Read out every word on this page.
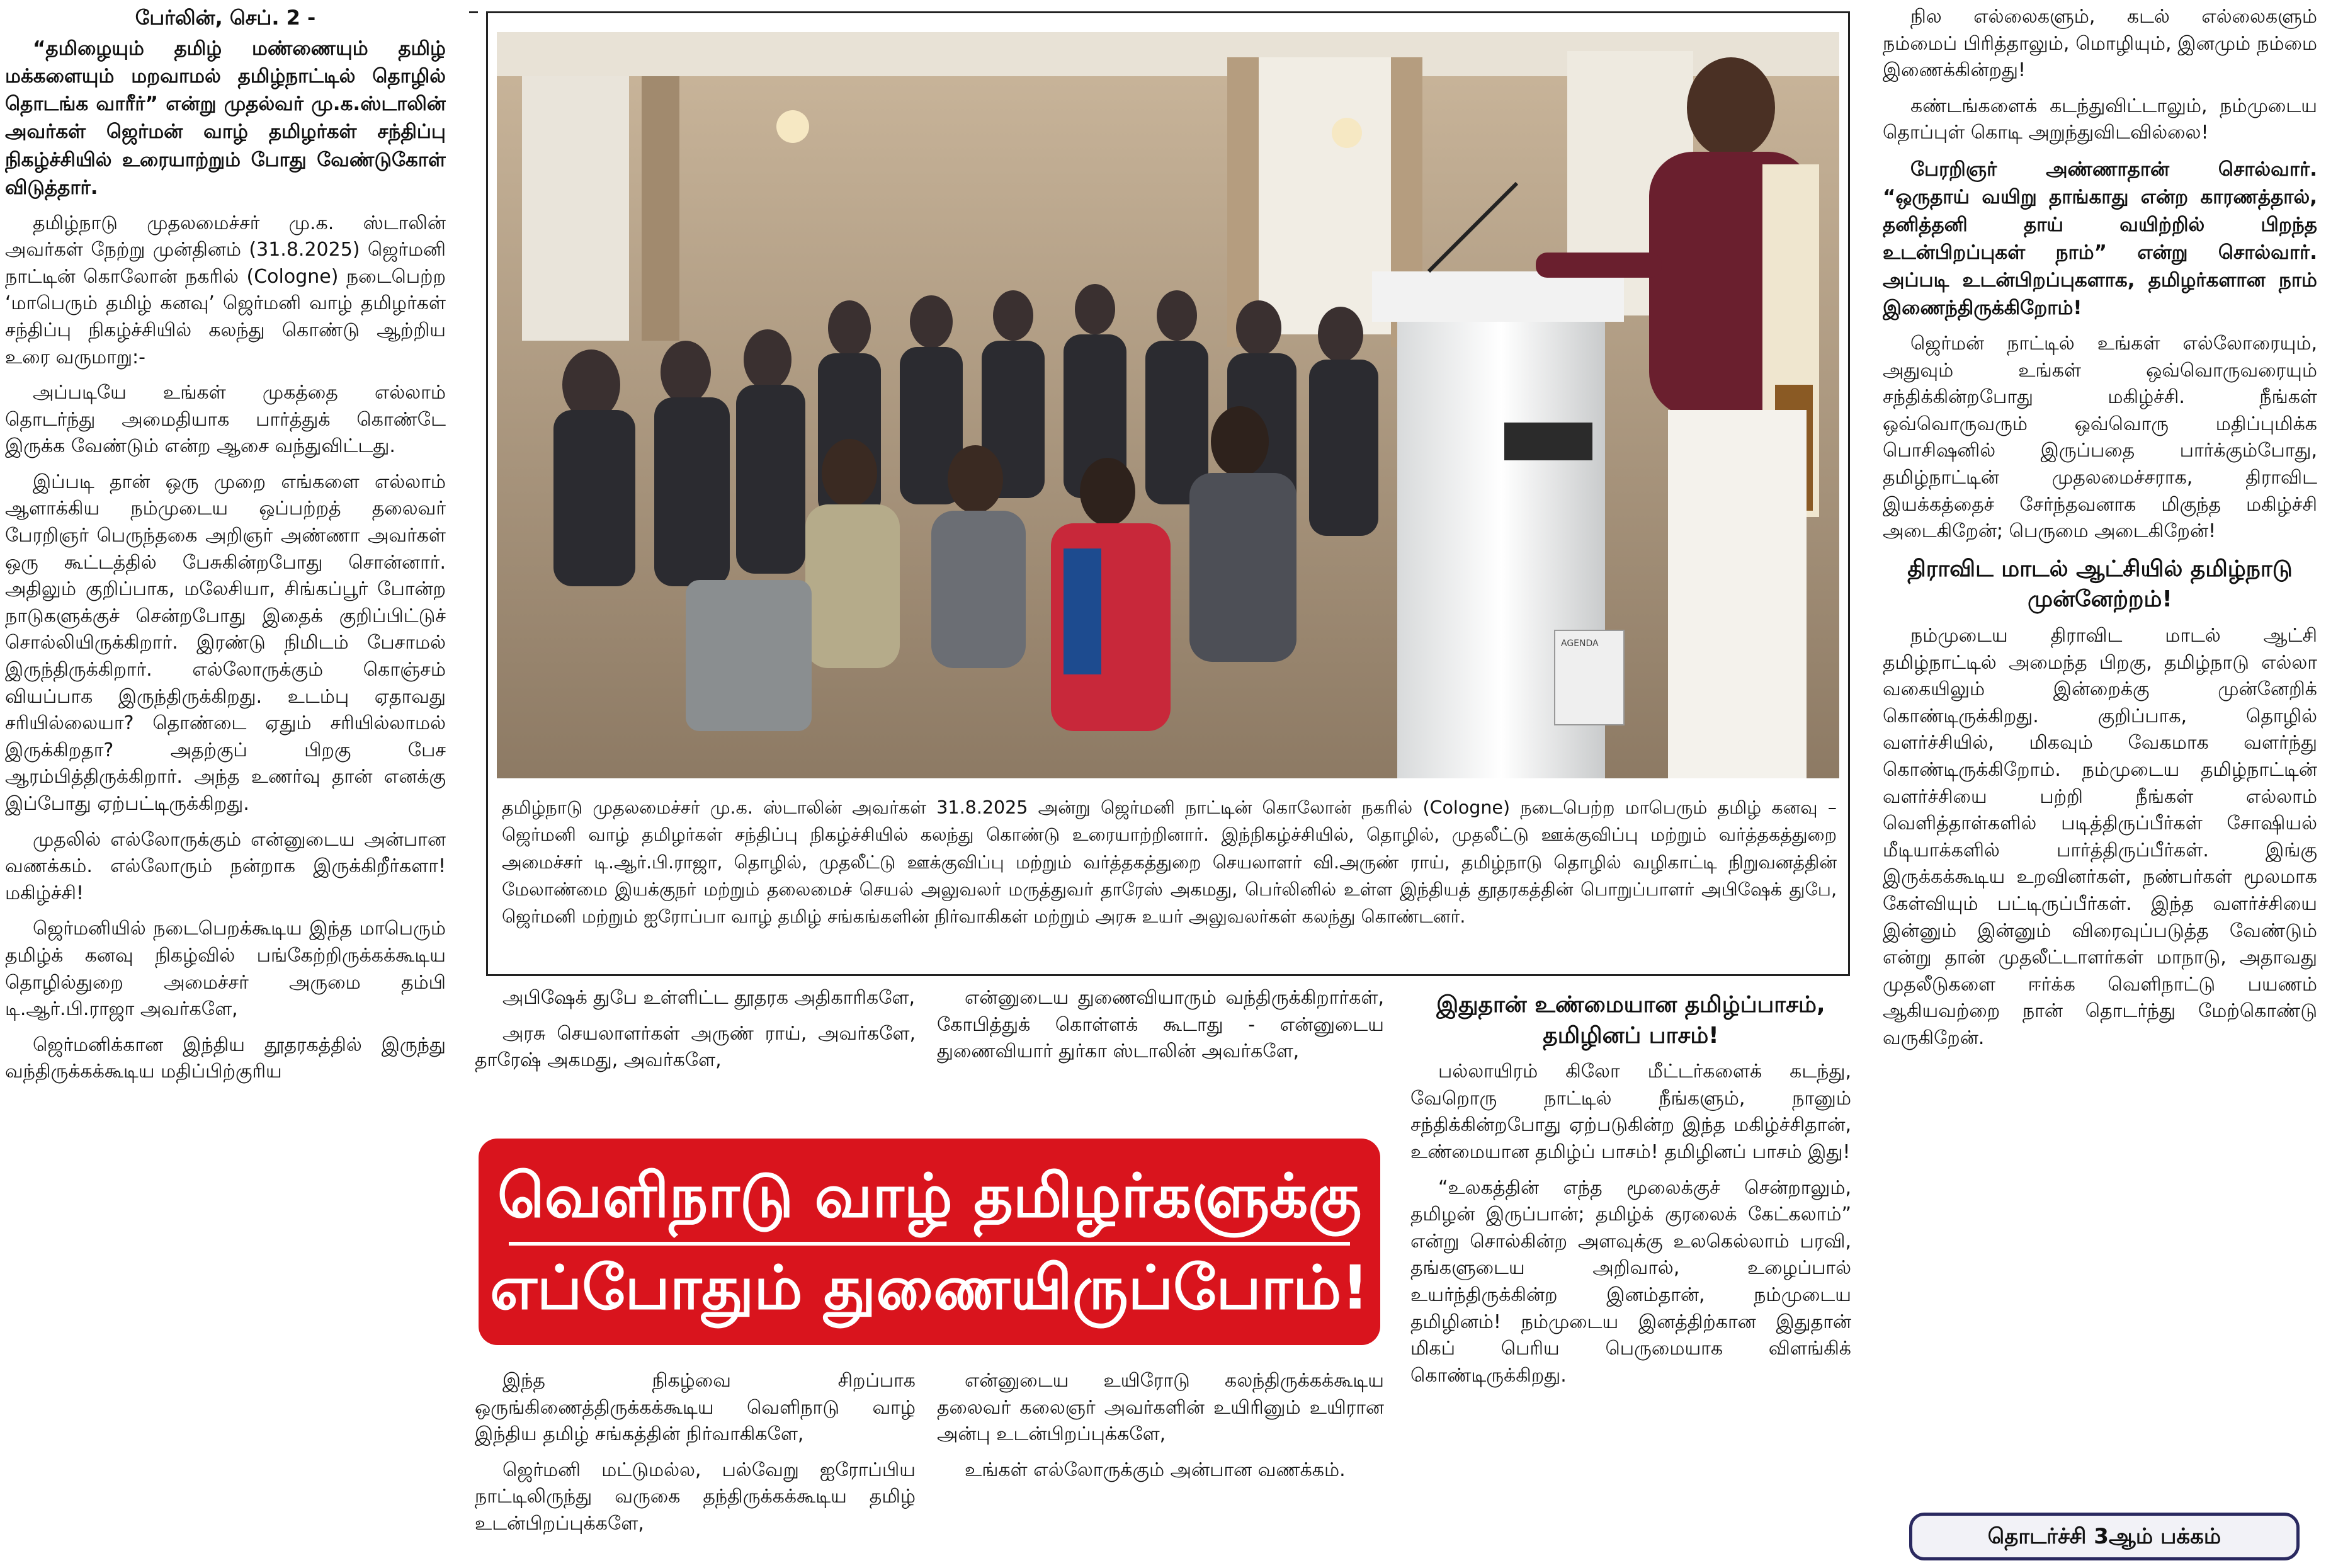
பேர்லின், செப். 2 -

“தமிழையும் தமிழ் மண்ணையும் தமிழ் மக்களையும் மறவாமல் தமிழ்நாட்டில் தொழில் தொடங்க வாரீர்” என்று முதல்வர் மு.க.ஸ்டாலின் அவர்கள் ஜெர்மன் வாழ் தமிழர்கள் சந்திப்பு நிகழ்ச்சியில் உரையாற்றும் போது வேண்டுகோள் விடுத்தார்.

தமிழ்நாடு முதலமைச்சர் மு.க. ஸ்டாலின் அவர்கள் நேற்று முன்தினம் (31.8.2025) ஜெர்மனி நாட்டின் கொலோன் நகரில் (Cologne) நடைபெற்ற ‘மாபெரும் தமிழ் கனவு’ ஜெர்மனி வாழ் தமிழர்கள் சந்திப்பு நிகழ்ச்சியில் கலந்து கொண்டு ஆற்றிய உரை வருமாறு:-

அப்படியே உங்கள் முகத்தை எல்லாம் தொடர்ந்து அமைதியாக பார்த்துக் கொண்டே இருக்க வேண்டும் என்ற ஆசை வந்துவிட்டது.

இப்படி தான் ஒரு முறை எங்களை எல்லாம் ஆளாக்கிய நம்முடைய ஒப்பற்றத் தலைவர் பேரறிஞர் பெருந்தகை அறிஞர் அண்ணா அவர்கள் ஒரு கூட்டத்தில் பேசுகின்றபோது சொன்னார். அதிலும் குறிப்பாக, மலேசியா, சிங்கப்பூர் போன்ற நாடுகளுக்குச் சென்றபோது இதைக் குறிப்பிட்டுச் சொல்லியிருக்கிறார். இரண்டு நிமிடம் பேசாமல் இருந்திருக்கிறார். எல்லோருக்கும் கொஞ்சம் வியப்பாக இருந்திருக்கிறது. உடம்பு ஏதாவது சரியில்லையா? தொண்டை ஏதும் சரியில்லாமல் இருக்கிறதா? அதற்குப் பிறகு பேச ஆரம்பித்திருக்கிறார். அந்த உணர்வு தான் எனக்கு இப்போது ஏற்பட்டிருக்கிறது.

முதலில் எல்லோருக்கும் என்னுடைய அன்பான வணக்கம். எல்லோரும் நன்றாக இருக்கிறீர்களா! மகிழ்ச்சி!

ஜெர்மனியில் நடைபெறக்கூடிய இந்த மாபெரும் தமிழ்க் கனவு நிகழ்வில் பங்கேற்றிருக்கக்கூடிய தொழில்துறை அமைச்சர் அருமை தம்பி டி.ஆர்.பி.ராஜா அவர்களே,

ஜெர்மனிக்கான இந்திய தூதரகத்தில் இருந்து வந்திருக்கக்கூடிய மதிப்பிற்குரிய

AGENDA
தமிழ்நாடு முதலமைச்சர் மு.க. ஸ்டாலின் அவர்கள் 31.8.2025 அன்று ஜெர்மனி நாட்டின் கொலோன் நகரில் (Cologne) நடைபெற்ற மாபெரும் தமிழ் கனவு – ஜெர்மனி வாழ் தமிழர்கள் சந்திப்பு நிகழ்ச்சியில் கலந்து கொண்டு உரையாற்றினார். இந்நிகழ்ச்சியில், தொழில், முதலீட்டு ஊக்குவிப்பு மற்றும் வர்த்தகத்துறை அமைச்சர் டி.ஆர்.பி.ராஜா, தொழில், முதலீட்டு ஊக்குவிப்பு மற்றும் வர்த்தகத்துறை செயலாளர் வி.அருண் ராய், தமிழ்நாடு தொழில் வழிகாட்டி நிறுவனத்தின் மேலாண்மை இயக்குநர் மற்றும் தலைமைச் செயல் அலுவலர் மருத்துவர் தாரேஸ் அகமது, பெர்லினில் உள்ள இந்தியத் தூதரகத்தின் பொறுப்பாளர் அபிஷேக் துபே, ஜெர்மனி மற்றும் ஐரோப்பா வாழ் தமிழ் சங்கங்களின் நிர்வாகிகள் மற்றும் அரசு உயர் அலுவலர்கள் கலந்து கொண்டனர்.

அபிஷேக் துபே உள்ளிட்ட தூதரக அதிகாரிகளே,

அரசு செயலாளர்கள் அருண் ராய், அவர்களே, தாரேஷ் அகமது, அவர்களே,

என்னுடைய துணைவியாரும் வந்திருக்கிறார்கள், கோபித்துக் கொள்ளக் கூடாது - என்னுடைய துணைவியார் துர்கா ஸ்டாலின் அவர்களே,

வெளிநாடு வாழ் தமிழர்களுக்கு
எப்போதும் துணையிருப்போம்!

இந்த நிகழ்வை சிறப்பாக ஒருங்கிணைத்திருக்கக்கூடிய வெளிநாடு வாழ் இந்திய தமிழ் சங்கத்தின் நிர்வாகிகளே,

ஜெர்மனி மட்டுமல்ல, பல்வேறு ஐரோப்பிய நாட்டிலிருந்து வருகை தந்திருக்கக்கூடிய தமிழ் உடன்பிறப்புக்களே,

என்னுடைய உயிரோடு கலந்திருக்கக்கூடிய தலைவர் கலைஞர் அவர்களின் உயிரினும் உயிரான அன்பு உடன்பிறப்புக்களே,

உங்கள் எல்லோருக்கும் அன்பான வணக்கம்.

இதுதான் உண்மையான தமிழ்ப்பாசம், தமிழினப் பாசம்!

பல்லாயிரம் கிலோ மீட்டர்களைக் கடந்து, வேறொரு நாட்டில் நீங்களும், நானும் சந்திக்கின்றபோது ஏற்படுகின்ற இந்த மகிழ்ச்சிதான், உண்மையான தமிழ்ப் பாசம்! தமிழினப் பாசம் இது!

“உலகத்தின் எந்த மூலைக்குச் சென்றாலும், தமிழன் இருப்பான்; தமிழ்க் குரலைக் கேட்கலாம்” என்று சொல்கின்ற அளவுக்கு உலகெல்லாம் பரவி, தங்களுடைய அறிவால், உழைப்பால் உயர்ந்திருக்கின்ற இனம்தான், நம்முடைய தமிழினம்! நம்முடைய இனத்திற்கான இதுதான் மிகப் பெரிய பெருமையாக விளங்கிக் கொண்டிருக்கிறது.

நில எல்லைகளும், கடல் எல்லைகளும் நம்மைப் பிரித்தாலும், மொழியும், இனமும் நம்மை இணைக்கின்றது!

கண்டங்களைக் கடந்துவிட்டாலும், நம்முடைய தொப்புள் கொடி அறுந்துவிடவில்லை!

பேரறிஞர் அண்ணாதான் சொல்வார். “ஒருதாய் வயிறு தாங்காது என்ற காரணத்தால், தனித்தனி தாய் வயிற்றில் பிறந்த உடன்பிறப்புகள் நாம்” என்று சொல்வார். அப்படி உடன்பிறப்புகளாக, தமிழர்களான நாம் இணைந்திருக்கிறோம்!

ஜெர்மன் நாட்டில் உங்கள் எல்லோரையும், அதுவும் உங்கள் ஒவ்வொருவரையும் சந்திக்கின்றபோது மகிழ்ச்சி. நீங்கள் ஒவ்வொருவரும் ஒவ்வொரு மதிப்புமிக்க பொசிஷனில் இருப்பதை பார்க்கும்போது, தமிழ்நாட்டின் முதலமைச்சராக, திராவிட இயக்கத்தைச் சேர்ந்தவனாக மிகுந்த மகிழ்ச்சி அடைகிறேன்; பெருமை அடைகிறேன்!

திராவிட மாடல் ஆட்சியில் தமிழ்நாடு முன்னேற்றம்!

நம்முடைய திராவிட மாடல் ஆட்சி தமிழ்நாட்டில் அமைந்த பிறகு, தமிழ்நாடு எல்லா வகையிலும் இன்றைக்கு முன்னேறிக் கொண்டிருக்கிறது. குறிப்பாக, தொழில் வளர்ச்சியில், மிகவும் வேகமாக வளர்ந்து கொண்டிருக்கிறோம். நம்முடைய தமிழ்நாட்டின் வளர்ச்சியை பற்றி நீங்கள் எல்லாம் வெளித்தாள்களில் படித்திருப்பீர்கள் சோஷியல் மீடியாக்களில் பார்த்திருப்பீர்கள். இங்கு இருக்கக்கூடிய உறவினர்கள், நண்பர்கள் மூலமாக கேள்வியும் பட்டிருப்பீர்கள். இந்த வளர்ச்சியை இன்னும் இன்னும் விரைவுப்படுத்த வேண்டும் என்று தான் முதலீட்டாளர்கள் மாநாடு, அதாவது முதலீடுகளை ஈர்க்க வெளிநாட்டு பயணம் ஆகியவற்றை நான் தொடர்ந்து மேற்கொண்டு வருகிறேன்.

தொடர்ச்சி 3ஆம் பக்கம்
